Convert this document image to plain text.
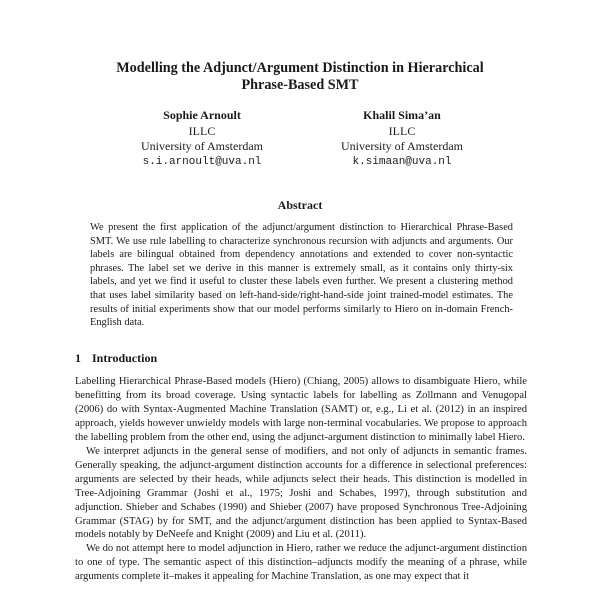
Modelling the Adjunct/Argument Distinction in Hierarchical
Phrase-Based SMT
Sophie Arnoult
ILLC
University of Amsterdam
s.i.arnoult@uva.nl
Khalil Sima’an
ILLC
University of Amsterdam
k.simaan@uva.nl
Abstract
We present the first application of the adjunct/argument distinction to Hierarchical Phrase-Based SMT. We use rule labelling to characterize synchronous recursion with adjuncts and arguments. Our labels are bilingual obtained from dependency annotations and extended to cover non-syntactic phrases. The label set we derive in this manner is extremely small, as it contains only thirty-six labels, and yet we find it useful to cluster these labels even further. We present a clustering method that uses label similarity based on left-hand-side/right-hand-side joint trained-model estimates. The results of initial experiments show that our model performs similarly to Hiero on in-domain French-English data.
1 Introduction

Labelling Hierarchical Phrase-Based models (Hiero) (Chiang, 2005) allows to disambiguate Hiero, while benefitting from its broad coverage. Using syntactic labels for labelling as Zollmann and Venugopal (2006) do with Syntax-Augmented Machine Translation (SAMT) or, e.g., Li et al. (2012) in an inspired approach, yields however unwieldy models with large non-terminal vocabularies. We propose to approach the labelling problem from the other end, using the adjunct-argument distinction to minimally label Hiero.

We interpret adjuncts in the general sense of modifiers, and not only of adjuncts in semantic frames. Generally speaking, the adjunct-argument distinction accounts for a difference in selectional preferences: arguments are selected by their heads, while adjuncts select their heads. This distinction is modelled in Tree-Adjoining Grammar (Joshi et al., 1975; Joshi and Schabes, 1997), through substitution and adjunction. Shieber and Schabes (1990) and Shieber (2007) have proposed Synchronous Tree-Adjoining Grammar (STAG) by for SMT, and the adjunct/argument distinction has been applied to Syntax-Based models notably by DeNeefe and Knight (2009) and Liu et al. (2011).

We do not attempt here to model adjunction in Hiero, rather we reduce the adjunct-argument distinction to one of type. The semantic aspect of this distinction–adjuncts modify the meaning of a phrase, while arguments complete it–makes it appealing for Machine Translation, as one may expect that it
